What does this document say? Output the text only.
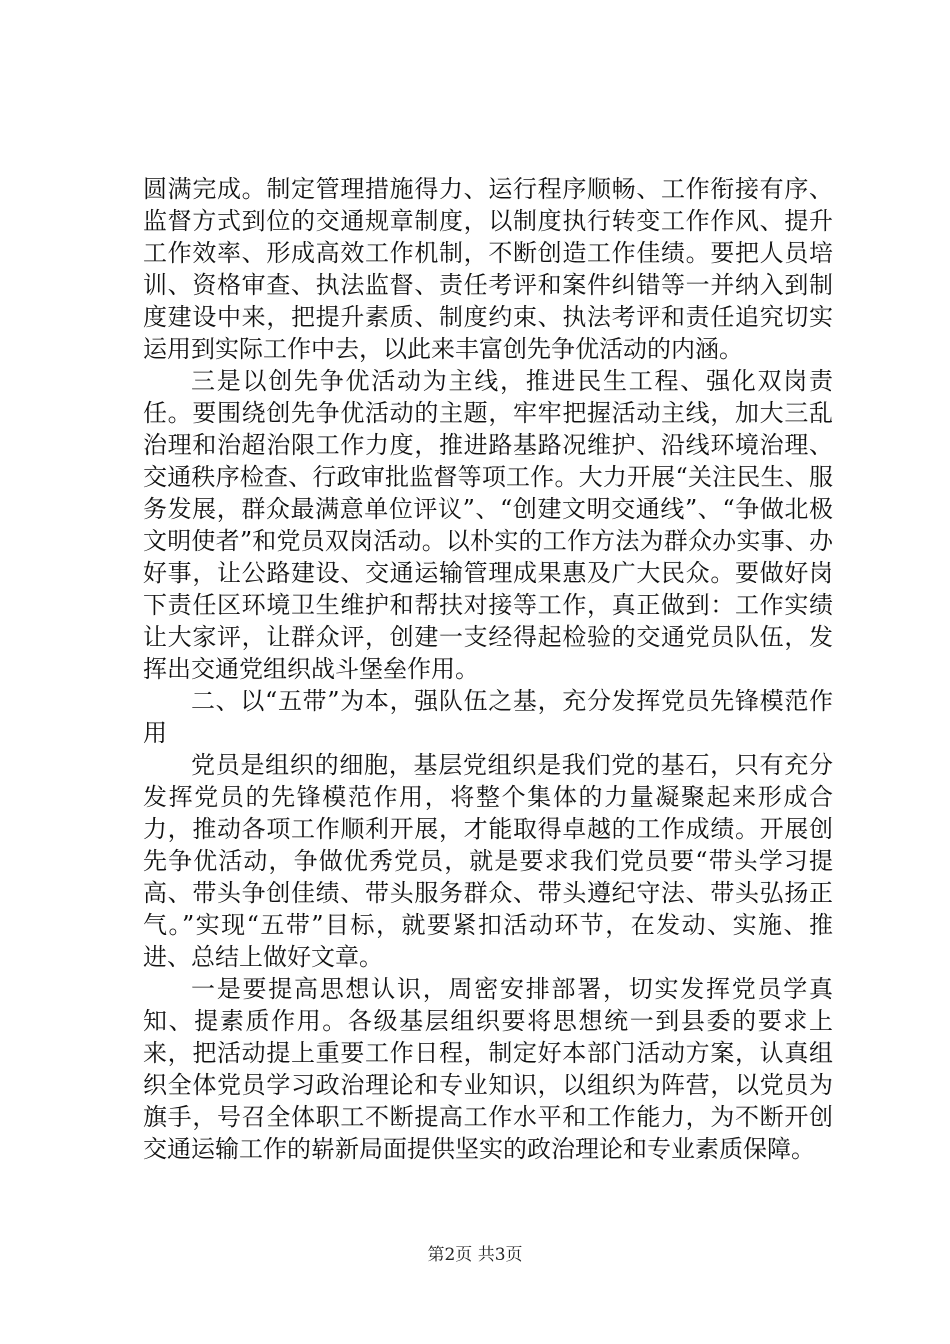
圆满完成。制定管理措施得力、运行程序顺畅、工作衔接有序、监督方式到位的交通规章制度，以制度执行转变工作作风、提升工作效率、形成高效工作机制，不断创造工作佳绩。要把人员培训、资格审查、执法监督、责任考评和案件纠错等一并纳入到制度建设中来，把提升素质、制度约束、执法考评和责任追究切实运用到实际工作中去，以此来丰富创先争优活动的内涵。

三是以创先争优活动为主线，推进民生工程、强化双岗责任。要围绕创先争优活动的主题，牢牢把握活动主线，加大三乱治理和治超治限工作力度，推进路基路况维护、沿线环境治理、交通秩序检查、行政审批监督等项工作。大力开展“关注民生、服务发展，群众最满意单位评议”、“创建文明交通线”、“争做北极文明使者”和党员双岗活动。以朴实的工作方法为群众办实事、办好事，让公路建设、交通运输管理成果惠及广大民众。要做好岗下责任区环境卫生维护和帮扶对接等工作，真正做到：工作实绩让大家评，让群众评，创建一支经得起检验的交通党员队伍，发挥出交通党组织战斗堡垒作用。

二、以“五带”为本，强队伍之基，充分发挥党员先锋模范作用

党员是组织的细胞，基层党组织是我们党的基石，只有充分发挥党员的先锋模范作用，将整个集体的力量凝聚起来形成合力，推动各项工作顺利开展，才能取得卓越的工作成绩。开展创先争优活动，争做优秀党员，就是要求我们党员要“带头学习提高、带头争创佳绩、带头服务群众、带头遵纪守法、带头弘扬正气。”实现“五带”目标，就要紧扣活动环节，在发动、实施、推进、总结上做好文章。

一是要提高思想认识，周密安排部署，切实发挥党员学真知、提素质作用。各级基层组织要将思想统一到县委的要求上来，把活动提上重要工作日程，制定好本部门活动方案，认真组织全体党员学习政治理论和专业知识，以组织为阵营，以党员为旗手，号召全体职工不断提高工作水平和工作能力，为不断开创交通运输工作的崭新局面提供坚实的政治理论和专业素质保障。

第2页 共3页
